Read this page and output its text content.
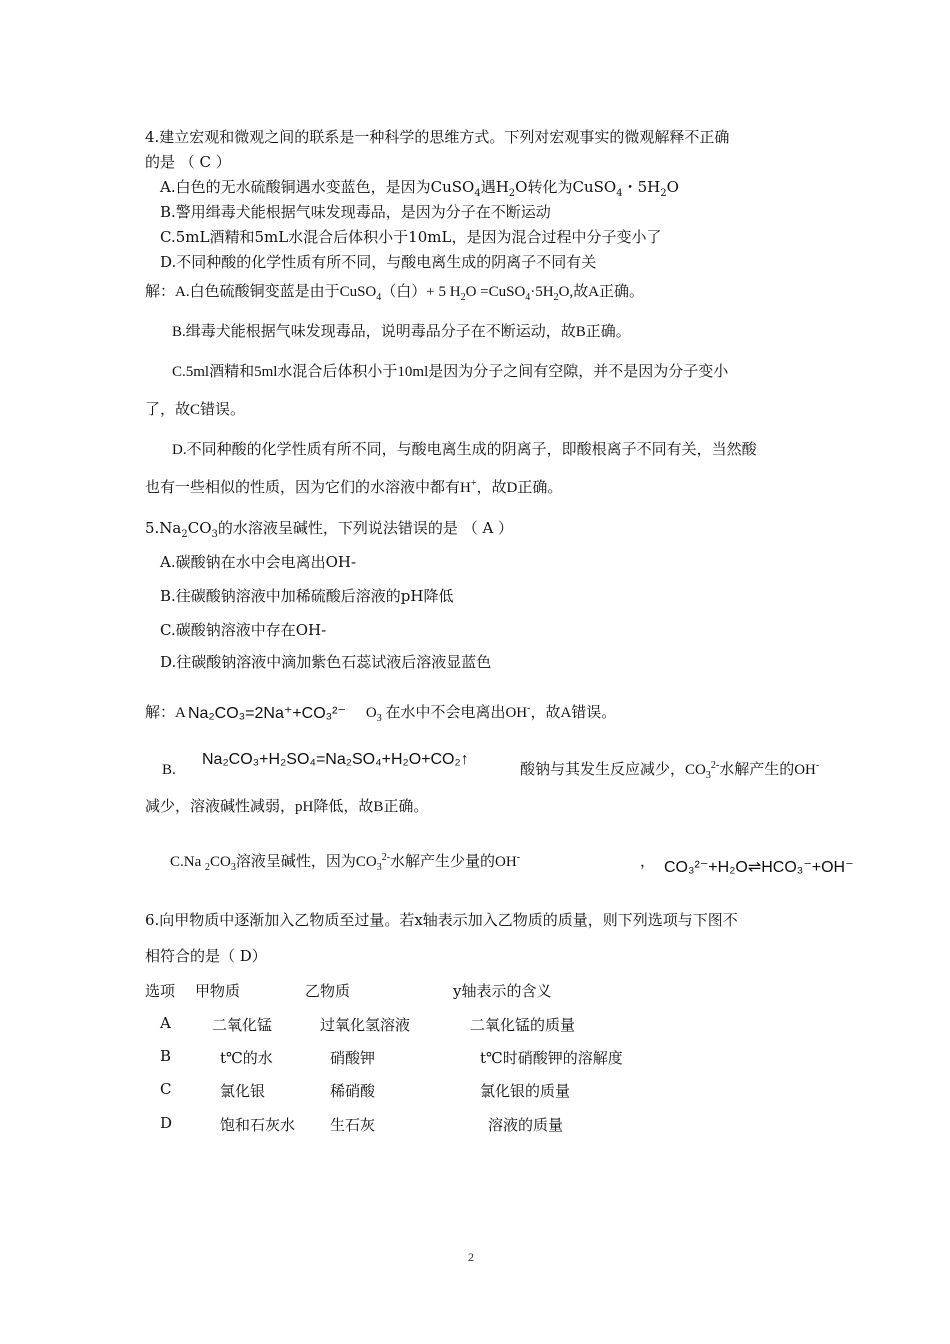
4.建立宏观和微观之间的联系是一种科学的思维方式。下列对宏观事实的微观解释不正确
的是 （ C ）
A.白色的无水硫酸铜遇水变蓝色，是因为CuSO$_4$遇$H_2O$转化为CuSO$_4$・$5H_2O$
B.警用缉毒犬能根据气味发现毒品，是因为分子在不断运动
C.5mL酒精和5mL水混合后体积小于10mL，是因为混合过程中分子变小了
D.不同种酸的化学性质有所不同，与酸电离生成的阴离子不同有关
解：A.白色硫酸铜变蓝是由于CuSO$_4$（白）+ 5 $H_2O$ $=CuSO_4\cdot 5H_2O$,故A正确。
B.缉毒犬能根据气味发现毒品，说明毒品分子在不断运动，故B正确。
C.5ml酒精和5ml水混合后体积小于10ml是因为分子之间有空隙，并不是因为分子变小
了，故C错误。
D.不同种酸的化学性质有所不同，与酸电离生成的阴离子，即酸根离子不同有关，当然酸
也有一些相似的性质，因为它们的水溶液中都有H+，故D正确。
$5.Na_2CO_3$的水溶液呈碱性，下列说法错误的是 （ A ）
A.碳酸钠在水中会电离出OH-
B.往碳酸钠溶液中加稀硫酸后溶液的pH降低
C.碳酸钠溶液中存在OH-
D.往碳酸钠溶液中滴加紫色石蕊试液后溶液显蓝色
解：A	$O_3$ 在水中不会电离出OH-，故A错误。
Na₂CO₃=2Na⁺+CO₃²⁻
B.	酸钠与其发生反应减少，$CO_3^{2-}$水解产生的OH-
Na₂CO₃+H₂SO₄=Na₂SO₄+H₂O+CO₂↑
减少，溶液碱性减弱，pH降低，故B正确。
C.Na $_2CO_3$溶液呈碱性，因为$CO_3^{2-}$水解产生少量的OH-	， CO₃²⁻+H₂O⇌HCO₃⁻+OH⁻
6.向甲物质中逐渐加入乙物质至过量。若x轴表示加入乙物质的质量，则下列选项与下图不
相符合的是（ D）
选项 甲物质	乙物质	y轴表示的含义
A	二氧化锰	过氧化氢溶液	二氧化锰的质量
B	t℃的水	硝酸钾	t℃时硝酸钾的溶解度
C	氯化银	稀硝酸	氯化银的质量
D	饱和石灰水 生石灰	溶液的质量
2
